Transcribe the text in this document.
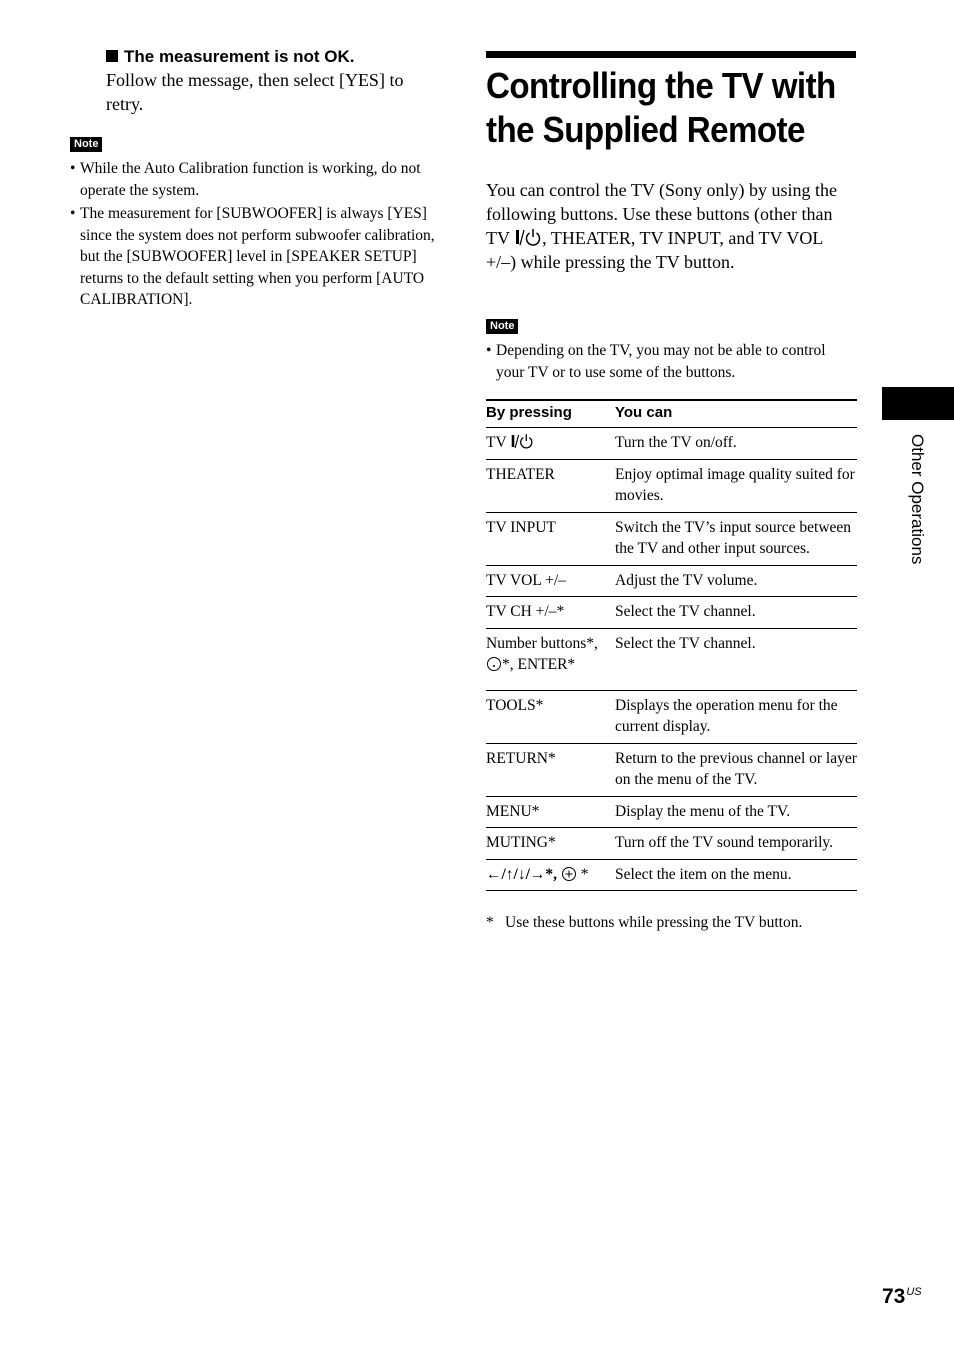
The measurement is not OK.
Follow the message, then select [YES] to retry.
Note
• While the Auto Calibration function is working, do not operate the system.
• The measurement for [SUBWOOFER] is always [YES] since the system does not perform subwoofer calibration, but the [SUBWOOFER] level in [SPEAKER SETUP] returns to the default setting when you perform [AUTO CALIBRATION].
Controlling the TV with
the Supplied Remote
You can control the TV (Sony only) by using the following buttons. Use these buttons (other than TV , THEATER, TV INPUT, and TV VOL +/–) while pressing the TV button.
Note
• Depending on the TV, you may not be able to control your TV or to use some of the buttons.
By pressing	You can
TV	Turn the TV on/off.
THEATER	Enjoy optimal image quality suited for movies.
TV INPUT	Switch the TV’s input source between the TV and other input sources.
TV VOL +/–	Adjust the TV volume.
TV CH +/–*	Select the TV channel.
Number buttons*, *, ENTER*	Select the TV channel.
TOOLS*	Displays the operation menu for the current display.
RETURN*	Return to the previous channel or layer on the menu of the TV.
MENU*	Display the menu of the TV.
MUTING*	Turn off the TV sound temporarily.
←/↑/↓/→*,  *	Select the item on the menu.
* Use these buttons while pressing the TV button.
Other Operations
$73^{US}$
